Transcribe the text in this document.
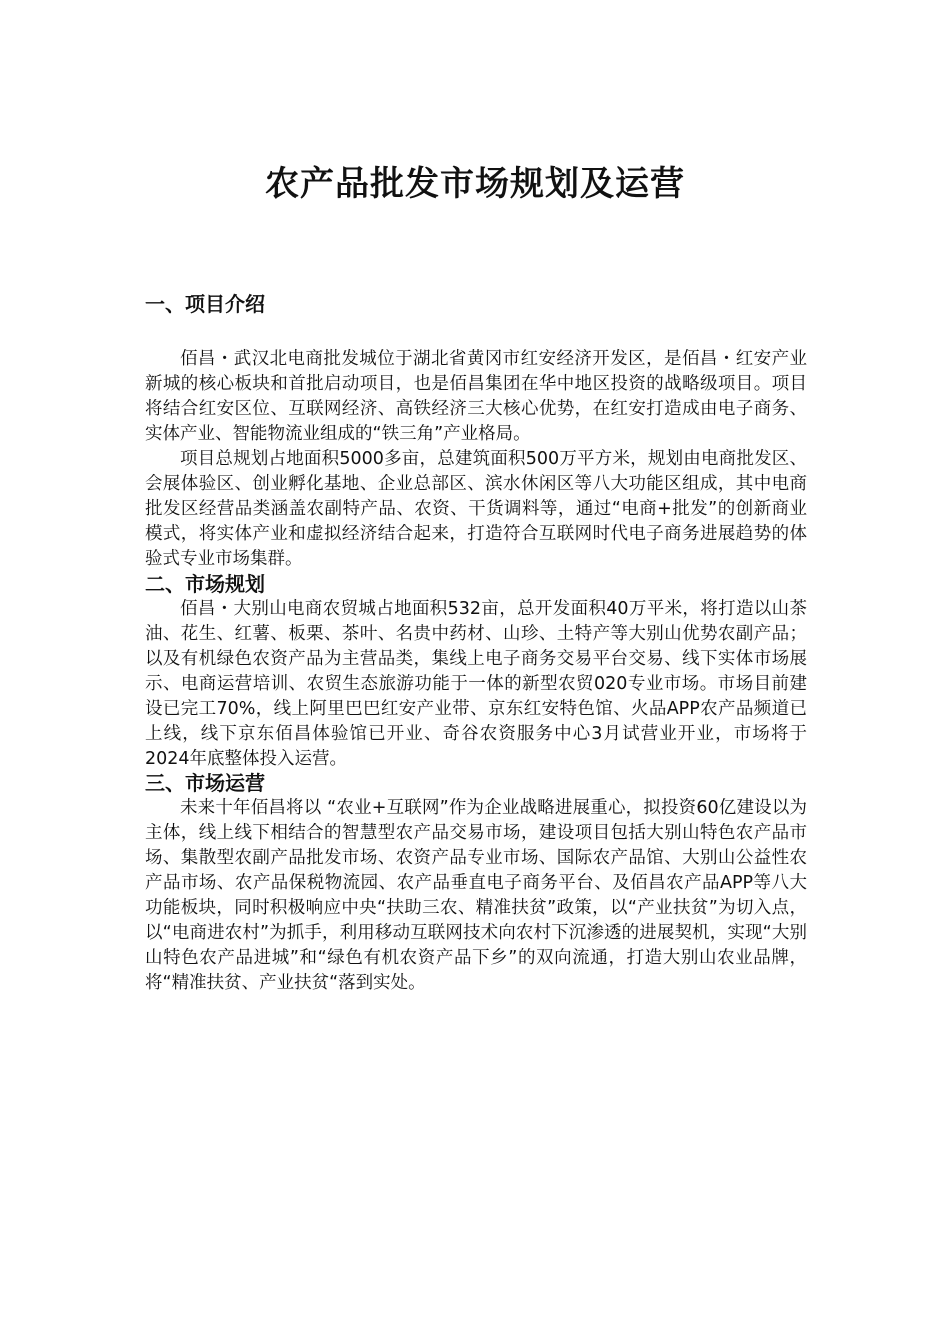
农产品批发市场规划及运营
一、项目介绍

佰昌・武汉北电商批发城位于湖北省黄冈市红安经济开发区，是佰昌・红安产业新城的核心板块和首批启动项目，也是佰昌集团在华中地区投资的战略级项目。项目将结合红安区位、互联网经济、高铁经济三大核心优势，在红安打造成由电子商务、实体产业、智能物流业组成的“铁三角”产业格局。

项目总规划占地面积5000多亩，总建筑面积500万平方米，规划由电商批发区、会展体验区、创业孵化基地、企业总部区、滨水休闲区等八大功能区组成，其中电商批发区经营品类涵盖农副特产品、农资、干货调料等，通过“电商+批发”的创新商业模式，将实体产业和虚拟经济结合起来，打造符合互联网时代电子商务进展趋势的体验式专业市场集群。

二、市场规划

佰昌・大别山电商农贸城占地面积532亩，总开发面积40万平米，将打造以山茶油、花生、红薯、板栗、茶叶、名贵中药材、山珍、土特产等大别山优势农副产品；以及有机绿色农资产品为主营品类，集线上电子商务交易平台交易、线下实体市场展示、电商运营培训、农贸生态旅游功能于一体的新型农贸020专业市场。市场目前建设已完工70%，线上阿里巴巴红安产业带、京东红安特色馆、火品APP农产品频道已上线，线下京东佰昌体验馆已开业、奇谷农资服务中心3月试营业开业，市场将于2024年底整体投入运营。

三、市场运营

未来十年佰昌将以 “农业+互联网”作为企业战略进展重心，拟投资60亿建设以为主体，线上线下相结合的智慧型农产品交易市场，建设项目包括大别山特色农产品市场、集散型农副产品批发市场、农资产品专业市场、国际农产品馆、大别山公益性农产品市场、农产品保税物流园、农产品垂直电子商务平台、及佰昌农产品APP等八大功能板块，同时积极响应中央“扶助三农、精准扶贫”政策，以“产业扶贫”为切入点，以“电商进农村”为抓手，利用移动互联网技术向农村下沉渗透的进展契机，实现“大别山特色农产品进城”和“绿色有机农资产品下乡”的双向流通，打造大别山农业品牌，将“精准扶贫、产业扶贫“落到实处。
